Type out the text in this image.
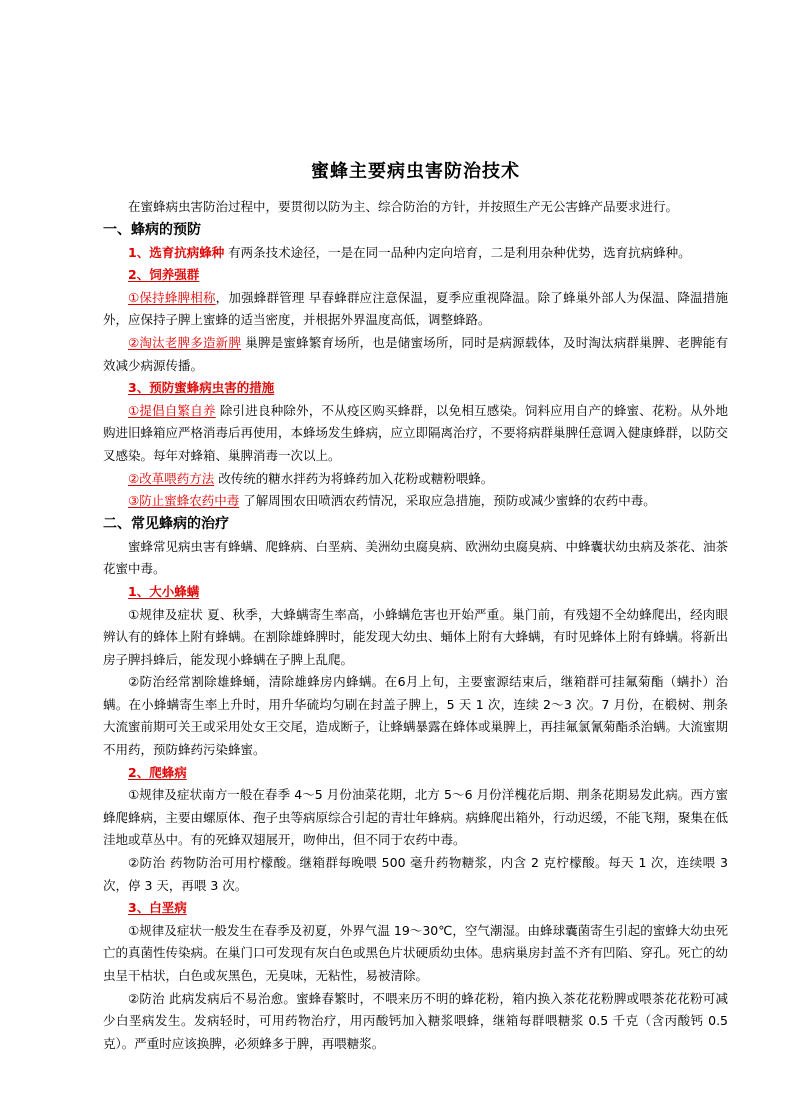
蜜蜂主要病虫害防治技术

在蜜蜂病虫害防治过程中，要贯彻以防为主、综合防治的方针，并按照生产无公害蜂产品要求进行。

一、蜂病的预防

1、选育抗病蜂种 有两条技术途径，一是在同一品种内定向培育，二是利用杂种优势，选育抗病蜂种。

2、饲养强群

①保持蜂脾相称，加强蜂群管理 早春蜂群应注意保温，夏季应重视降温。除了蜂巢外部人为保温、降温措施外，应保持子脾上蜜蜂的适当密度，并根据外界温度高低，调整蜂路。

②淘汰老脾多造新脾 巢脾是蜜蜂繁育场所，也是储蜜场所，同时是病源载体，及时淘汰病群巢脾、老脾能有效减少病源传播。

3、预防蜜蜂病虫害的措施

①提倡自繁自养 除引进良种除外，不从疫区购买蜂群，以免相互感染。饲料应用自产的蜂蜜、花粉。从外地购进旧蜂箱应严格消毒后再使用，本蜂场发生蜂病，应立即隔离治疗，不要将病群巢脾任意调入健康蜂群，以防交叉感染。每年对蜂箱、巢脾消毒一次以上。

②改革喂药方法 改传统的糖水拌药为将蜂药加入花粉或糖粉喂蜂。

③防止蜜蜂农药中毒 了解周围农田喷洒农药情况，采取应急措施，预防或减少蜜蜂的农药中毒。

二、常见蜂病的治疗

蜜蜂常见病虫害有蜂螨、爬蜂病、白垩病、美洲幼虫腐臭病、欧洲幼虫腐臭病、中蜂囊状幼虫病及茶花、油茶花蜜中毒。

1、大小蜂螨

①规律及症状 夏、秋季，大蜂螨寄生率高，小蜂螨危害也开始严重。巢门前，有残翅不全幼蜂爬出，经肉眼辨认有的蜂体上附有蜂螨。在割除雄蜂脾时，能发现大幼虫、蛹体上附有大蜂螨，有时见蜂体上附有蜂螨。将新出房子脾抖蜂后，能发现小蜂螨在子脾上乱爬。

②防治经常割除雄蜂蛹，清除雄蜂房内蜂螨。在6月上旬，主要蜜源结束后，继箱群可挂氟菊酯（螨扑）治螨。在小蜂螨寄生率上升时，用升华硫均匀刷在封盖子脾上，5 天 1 次，连续 2～3 次。7 月份，在椴树、荆条大流蜜前期可关王或采用处女王交尾，造成断子，让蜂螨暴露在蜂体或巢脾上，再挂氟氯氰菊酯杀治螨。大流蜜期不用药，预防蜂药污染蜂蜜。

2、爬蜂病

①规律及症状南方一般在春季 4～5 月份油菜花期，北方 5～6 月份洋槐花后期、荆条花期易发此病。西方蜜蜂爬蜂病，主要由螺原体、孢子虫等病原综合引起的青壮年蜂病。病蜂爬出箱外，行动迟缓，不能飞翔，聚集在低洼地或草丛中。有的死蜂双翅展开，吻伸出，但不同于农药中毒。

②防治 药物防治可用柠檬酸。继箱群每晚喂 500 毫升药物糖浆，内含 2 克柠檬酸。每天 1 次，连续喂 3 次，停 3 天，再喂 3 次。

3、白垩病

①规律及症状一般发生在春季及初夏，外界气温 19～30℃，空气潮湿。由蜂球囊菌寄生引起的蜜蜂大幼虫死亡的真菌性传染病。在巢门口可发现有灰白色或黑色片状硬质幼虫体。患病巢房封盖不齐有凹陷、穿孔。死亡的幼虫呈干枯状，白色或灰黑色，无臭味，无粘性，易被清除。

②防治 此病发病后不易治愈。蜜蜂春繁时，不喂来历不明的蜂花粉，箱内换入茶花花粉脾或喂茶花花粉可减少白垩病发生。发病轻时，可用药物治疗，用丙酸钙加入糖浆喂蜂，继箱每群喂糖浆 0.5 千克（含丙酸钙 0.5 克）。严重时应该换脾，必须蜂多于脾，再喂糖浆。
